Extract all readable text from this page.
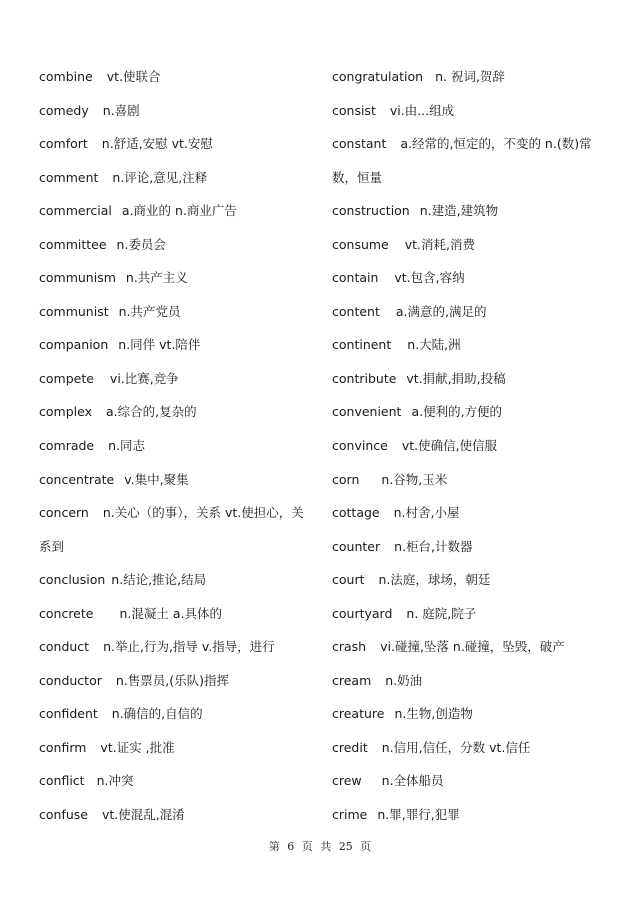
combine vt.使联合
comedy n.喜剧
comfort n.舒适,安慰 vt.安慰
comment n.评论,意见,注释
commercial a.商业的 n.商业广告
committee n.委员会
communism n.共产主义
communist n.共产党员
companion n.同伴 vt.陪伴
compete vi.比赛,竞争
complex a.综合的,复杂的
comrade n.同志
concentrate v.集中,聚集
concern n.关心（的事），关系 vt.使担心，关
系到
conclusion n.结论,推论,结局
concrete n.混凝土 a.具体的
conduct n.举止,行为,指导 v.指导，进行
conductor n.售票员,(乐队)指挥
confident n.确信的,自信的
confirm vt.证实 ,批准
conflict n.冲突
confuse vt.使混乱,混淆
congratulation n. 祝词,贺辞
consist vi.由...组成
constant a.经常的,恒定的，不变的 n.(数)常
数，恒量
construction n.建造,建筑物
consume vt.消耗,消费
contain vt.包含,容纳
content a.满意的,满足的
continent n.大陆,洲
contribute vt.捐献,捐助,投稿
convenient a.便利的,方便的
convince vt.使确信,使信服
corn n.谷物,玉米
cottage n.村舍,小屋
counter n.柜台,计数器
court n.法庭，球场，朝廷
courtyard n. 庭院,院子
crash vi.碰撞,坠落 n.碰撞，坠毁，破产
cream n.奶油
creature n.生物,创造物
credit n.信用,信任，分数 vt.信任
crew n.全体船员
crime n.罪,罪行,犯罪
第 6 页 共 25 页
